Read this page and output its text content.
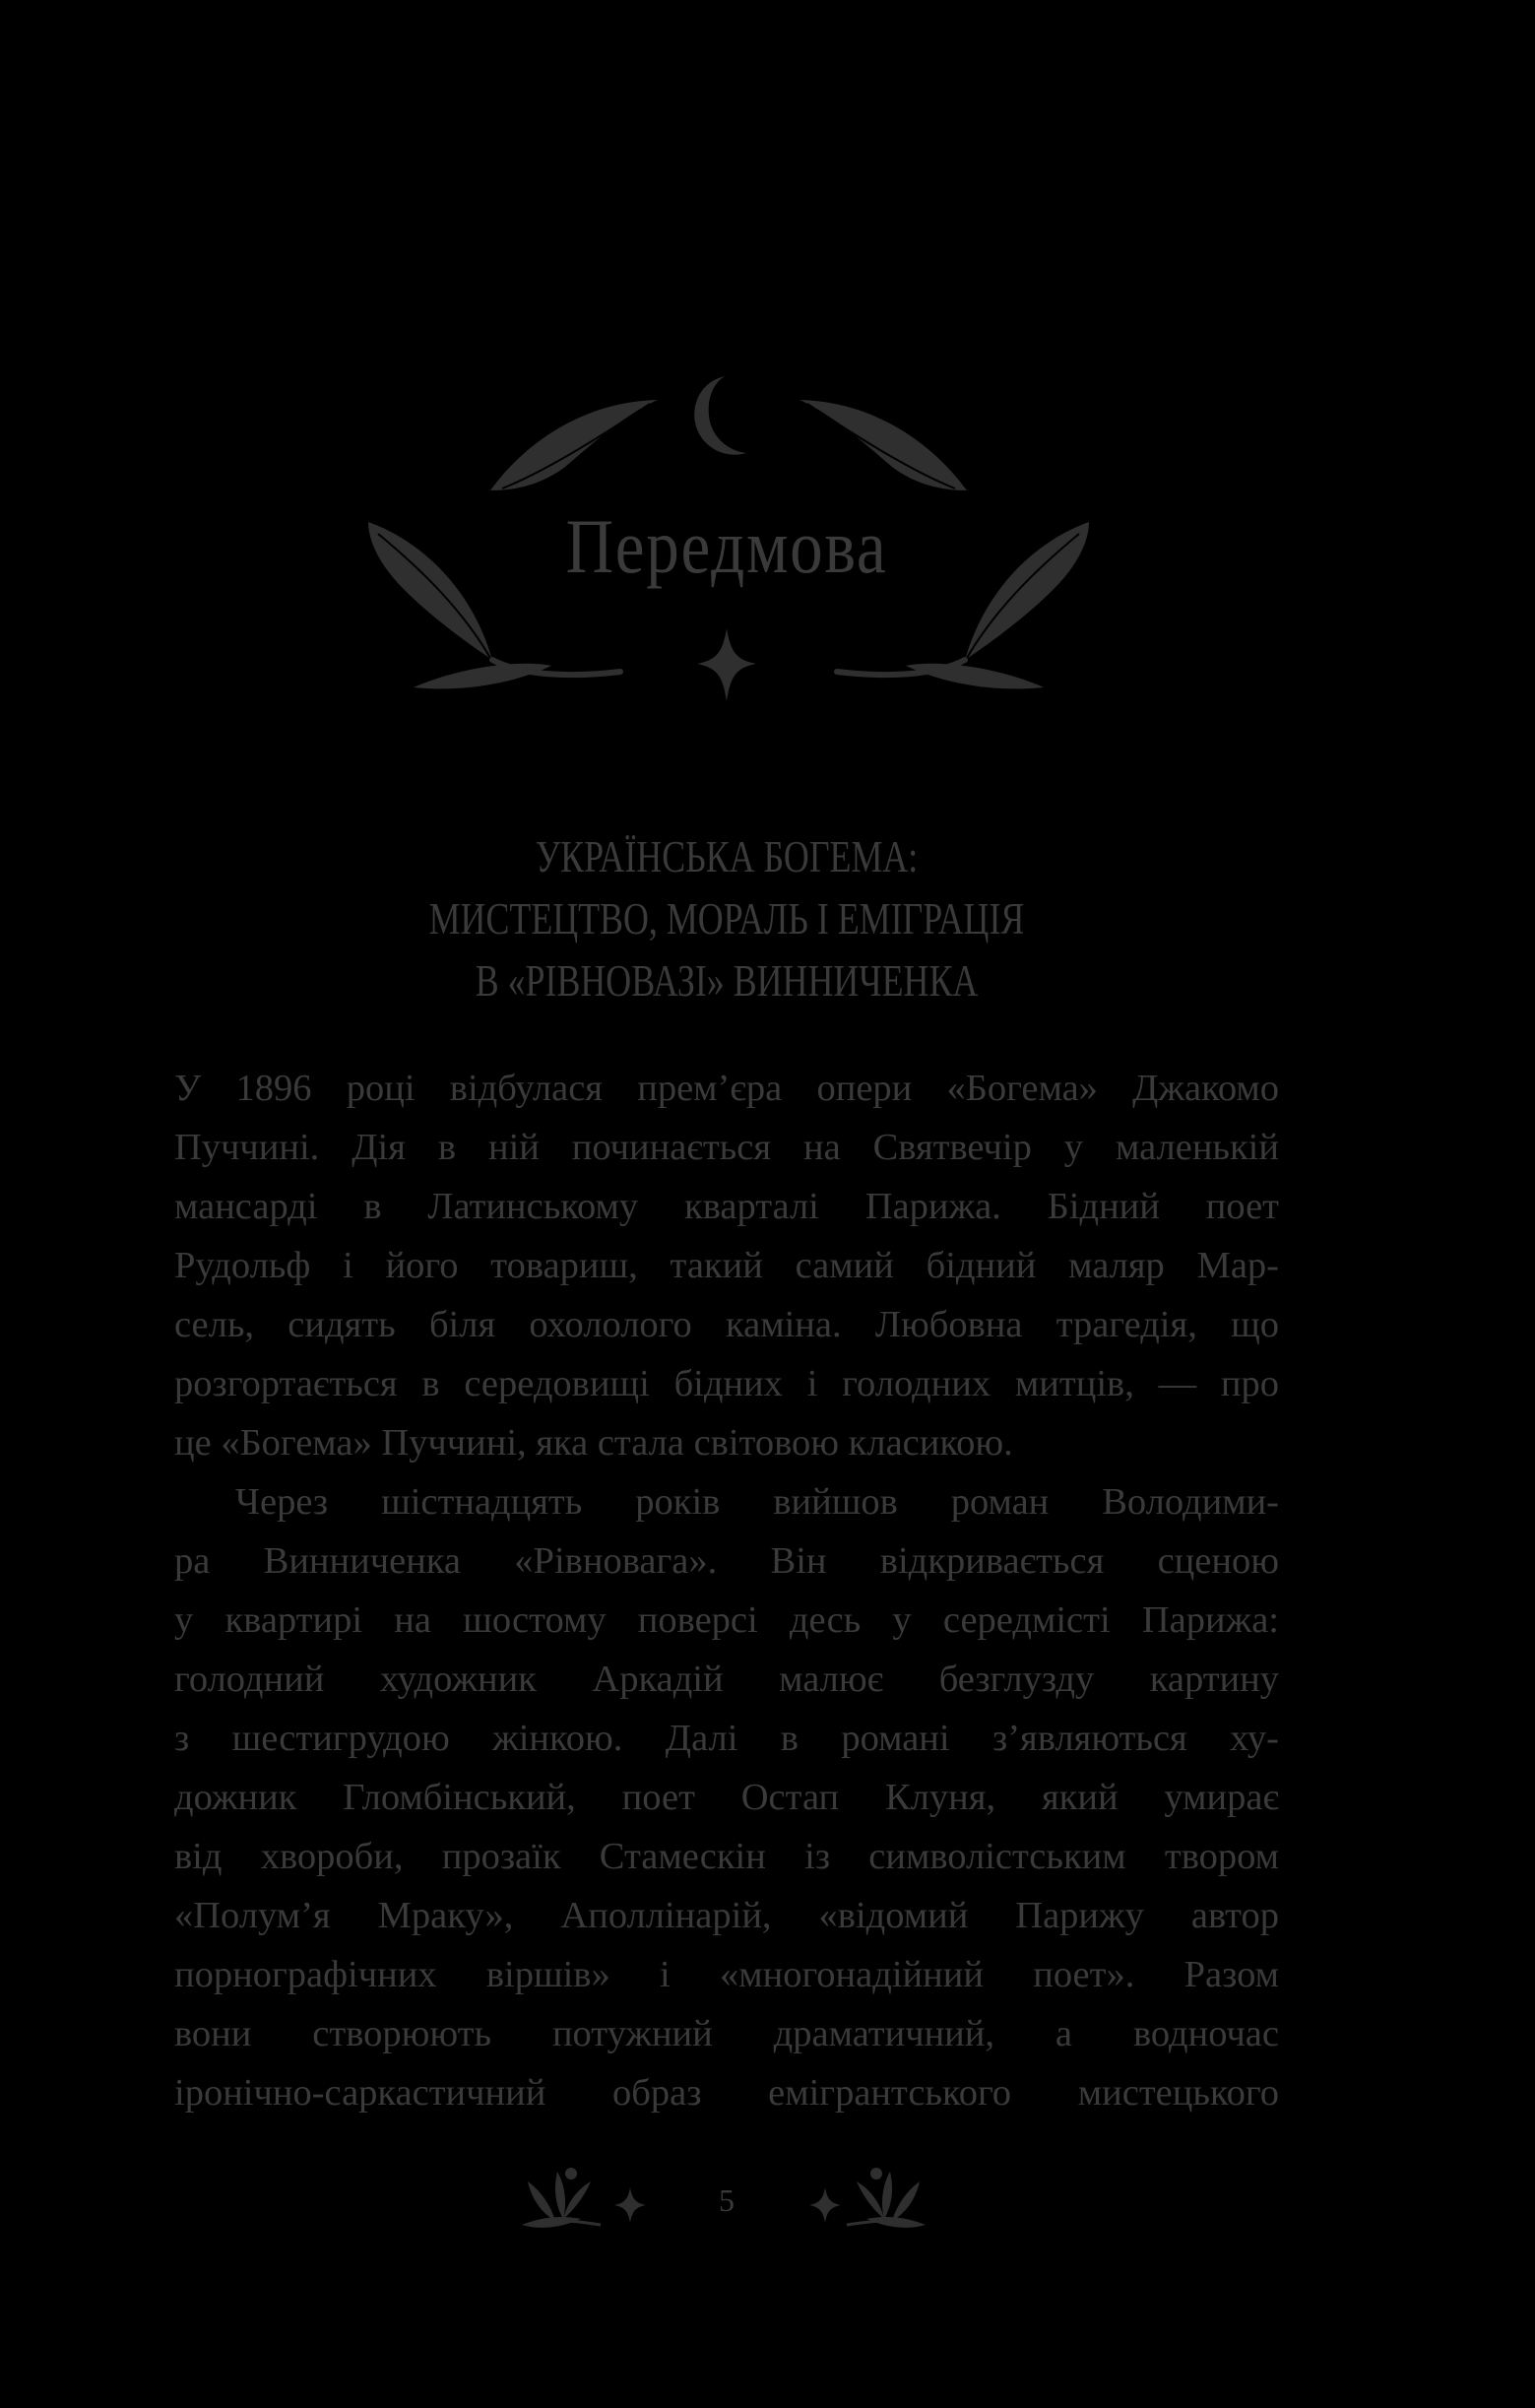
Передмова
УКРАЇНСЬКА БОГЕМА:
МИСТЕЦТВО, МОРАЛЬ І ЕМІГРАЦІЯ
В «РІВНОВАЗІ» ВИННИЧЕНКА

У 1896 році відбулася прем’єра опери «Богема» Джакомо
Пуччині. Дія в ній починається на Святвечір у маленькій
мансарді в Латинському кварталі Парижа. Бідний поет
Рудольф і його товариш, такий самий бідний маляр Мар-
сель, сидять біля охололого каміна. Любовна трагедія, що
розгортається в середовищі бідних і голодних митців, — про
це «Богема» Пуччині, яка стала світовою класикою.

Через шістнадцять років вийшов роман Володими-
ра Винниченка «Рівновага». Він відкривається сценою
у квартирі на шостому поверсі десь у середмісті Парижа:
голодний художник Аркадій малює безглузду картину
з шестигрудою жінкою. Далі в романі з’являються ху-
дожник Гломбінський, поет Остап Клуня, який умирає
від хвороби, прозаїк Стамескін із символістським твором
«Полум’я Мраку», Аполлінарій, «відомий Парижу автор
порнографічних віршів» і «многонадійний поет». Разом
вони створюють потужний драматичний, а водночас
іронічно-саркастичний образ емігрантського мистецького

5
